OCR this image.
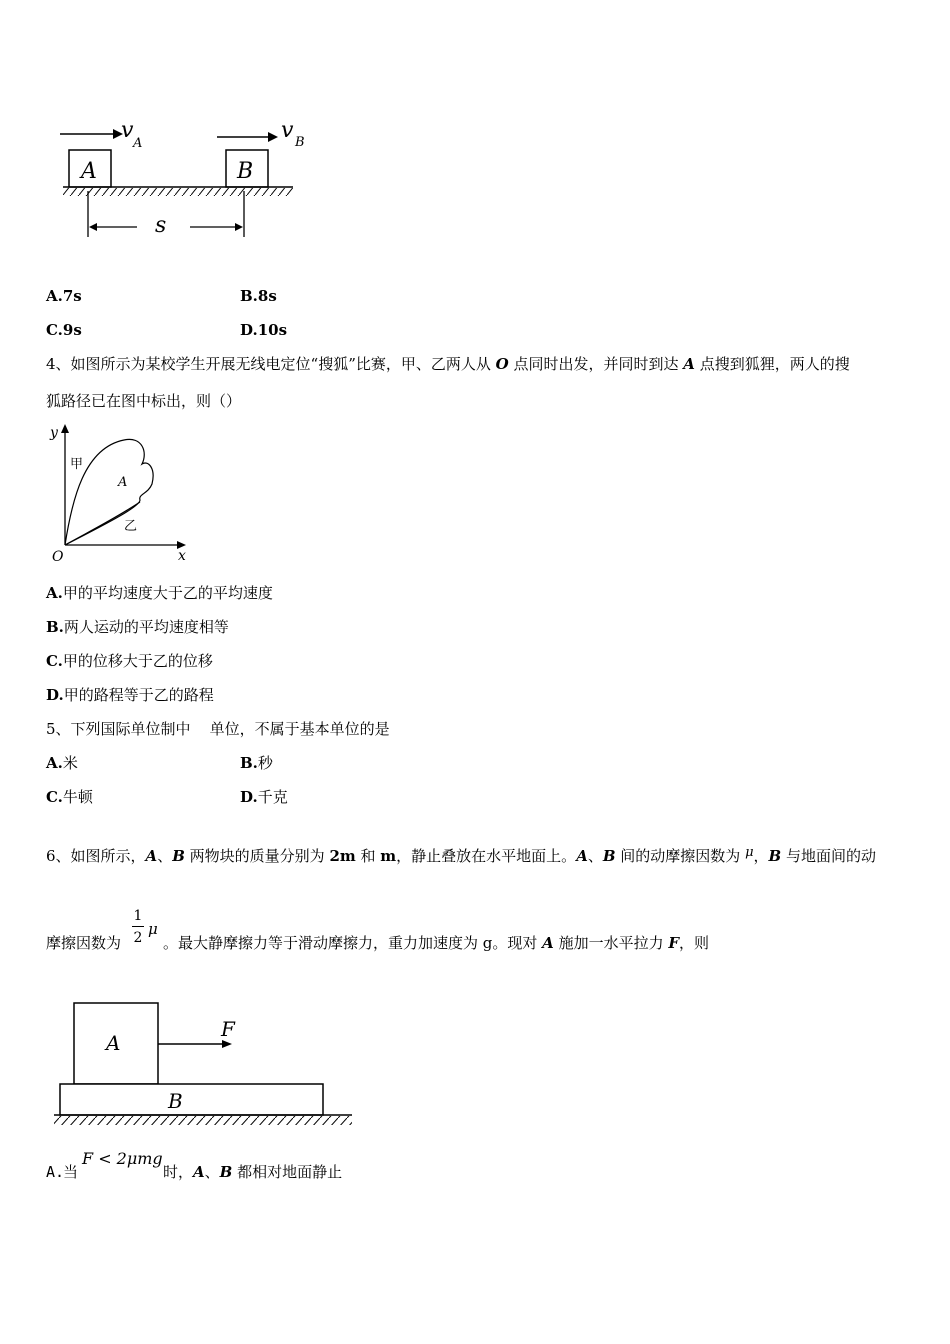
v
A
v B
A	B
s
A.7s	B.8s
C.9s	D.10s
4、如图所示为某校学生开展无线电定位“搜狐”比赛，甲、乙两人从 O 点同时出发，并同时到达 A 点搜到狐狸，两人的搜
狐路径已在图中标出，则（）
y
x
O
甲
乙
A
A.甲的平均速度大于乙的平均速度
B.两人运动的平均速度相等
C.甲的位移大于乙的位移
D.甲的路程等于乙的路程
5、下列国际单位制中    单位，不属于基本单位的是
A.米	B.秒
C.牛顿	D.千克
6、如图所示，A、B 两物块的质量分别为 2m 和 m，静止叠放在水平地面上。A、B 间的动摩擦因数为 μ，B 与地面间的动
摩擦因数为
1
2 μ
。最大静摩擦力等于滑动摩擦力，重力加速度为 g。现对 A 施加一水平拉力 F，则
A
F
B
A.
当
F < 2μmg
时，A、B 都相对地面静止
